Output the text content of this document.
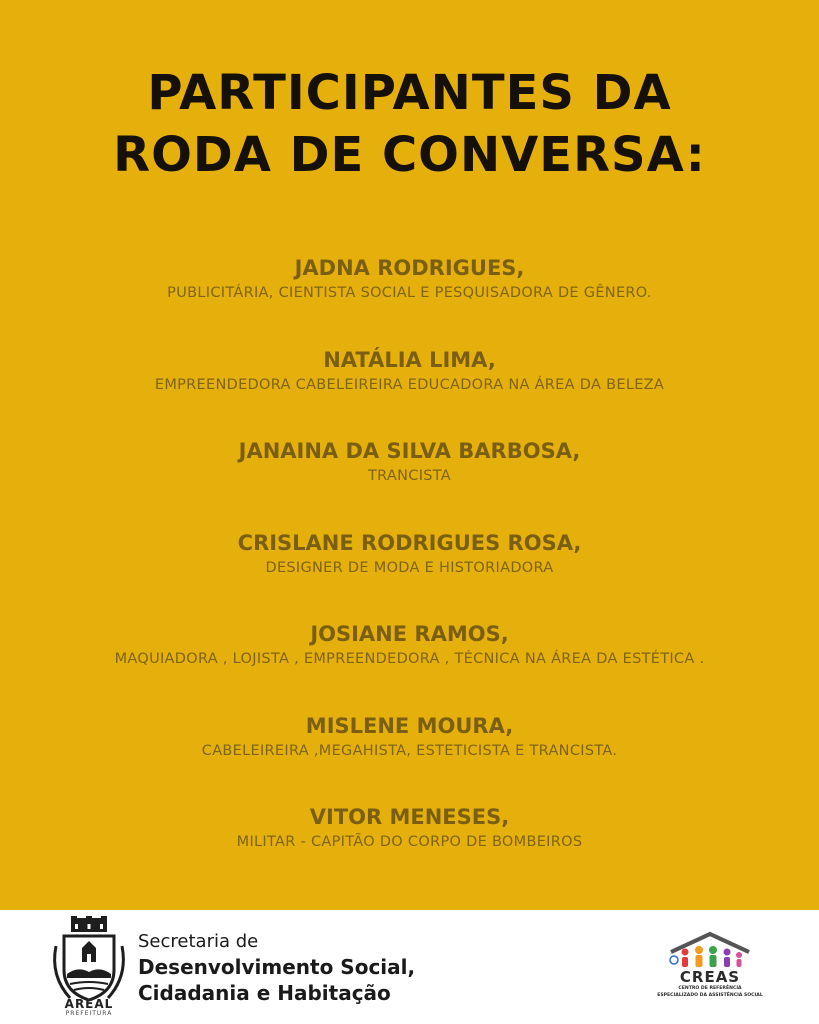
PARTICIPANTES DA
RODA DE CONVERSA:
JADNA RODRIGUES,
PUBLICITÁRIA, CIENTISTA SOCIAL E PESQUISADORA DE GÊNERO.
NATÁLIA LIMA,
EMPREENDEDORA CABELEIREIRA EDUCADORA NA ÁREA DA BELEZA
JANAINA DA SILVA BARBOSA,
TRANCISTA
CRISLANE RODRIGUES ROSA,
DESIGNER DE MODA E HISTORIADORA
JOSIANE RAMOS,
MAQUIADORA , LOJISTA , EMPREENDEDORA , TÉCNICA NA ÁREA DA ESTÉTICA .
MISLENE MOURA,
CABELEIREIRA ,MEGAHISTA, ESTETICISTA E TRANCISTA.
VITOR MENESES,
MILITAR - CAPITÃO DO CORPO DE BOMBEIROS
AREAL
PREFEITURA
Secretaria de
Desenvolvimento Social,
Cidadania e Habitação
CREAS
CENTRO DE REFERÊNCIA
ESPECIALIZADO DA ASSISTÊNCIA SOCIAL
